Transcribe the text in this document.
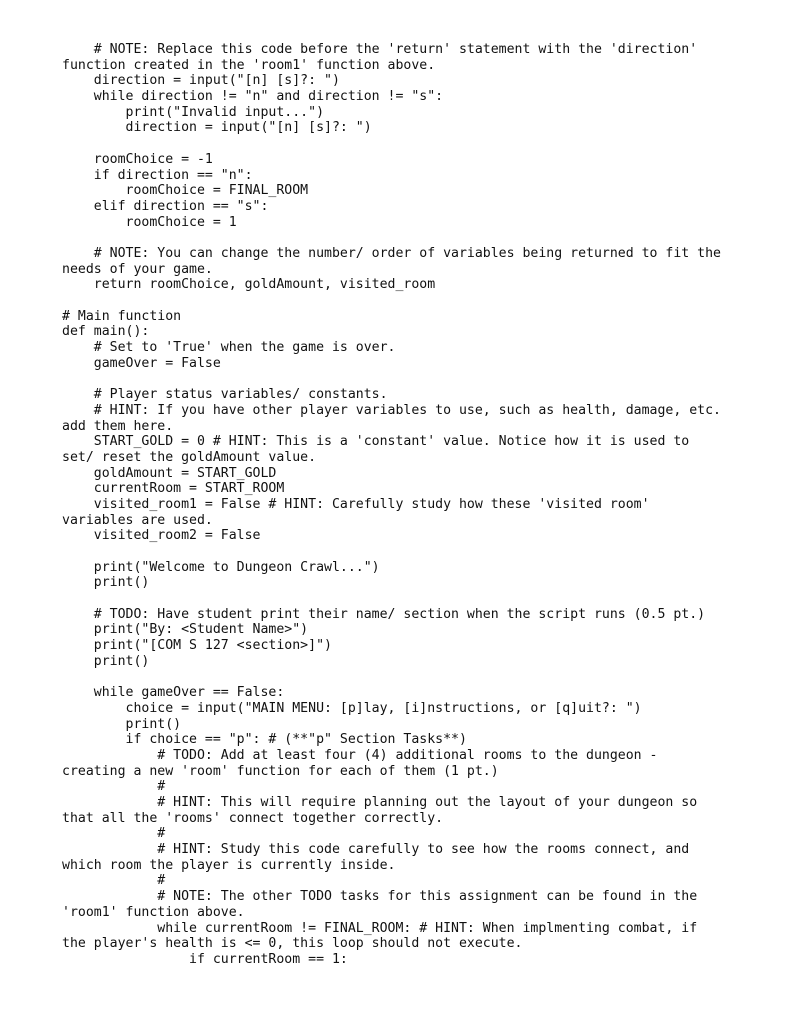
# NOTE: Replace this code before the 'return' statement with the 'direction'
function created in the 'room1' function above.
direction = input("[n] [s]?: ")
while direction != "n" and direction != "s":
print("Invalid input...")
direction = input("[n] [s]?: ")
roomChoice = -1
if direction == "n":
roomChoice = FINAL_ROOM
elif direction == "s":
roomChoice = 1
# NOTE: You can change the number/ order of variables being returned to fit the
needs of your game.
return roomChoice, goldAmount, visited_room
# Main function
def main():
# Set to 'True' when the game is over.
gameOver = False
# Player status variables/ constants.
# HINT: If you have other player variables to use, such as health, damage, etc.
add them here.
START_GOLD = 0 # HINT: This is a 'constant' value. Notice how it is used to
set/ reset the goldAmount value.
goldAmount = START_GOLD
currentRoom = START_ROOM
visited_room1 = False # HINT: Carefully study how these 'visited room'
variables are used.
visited_room2 = False
print("Welcome to Dungeon Crawl...")
print()
# TODO: Have student print their name/ section when the script runs (0.5 pt.)
print("By: <Student Name>")
print("[COM S 127 <section>]")
print()
while gameOver == False:
choice = input("MAIN MENU: [p]lay, [i]nstructions, or [q]uit?: ")
print()
if choice == "p": # (**"p" Section Tasks**)
# TODO: Add at least four (4) additional rooms to the dungeon -
creating a new 'room' function for each of them (1 pt.)
#
# HINT: This will require planning out the layout of your dungeon so
that all the 'rooms' connect together correctly.
#
# HINT: Study this code carefully to see how the rooms connect, and
which room the player is currently inside.
#
# NOTE: The other TODO tasks for this assignment can be found in the
'room1' function above.
while currentRoom != FINAL_ROOM: # HINT: When implmenting combat, if
the player's health is <= 0, this loop should not execute.
if currentRoom == 1:
